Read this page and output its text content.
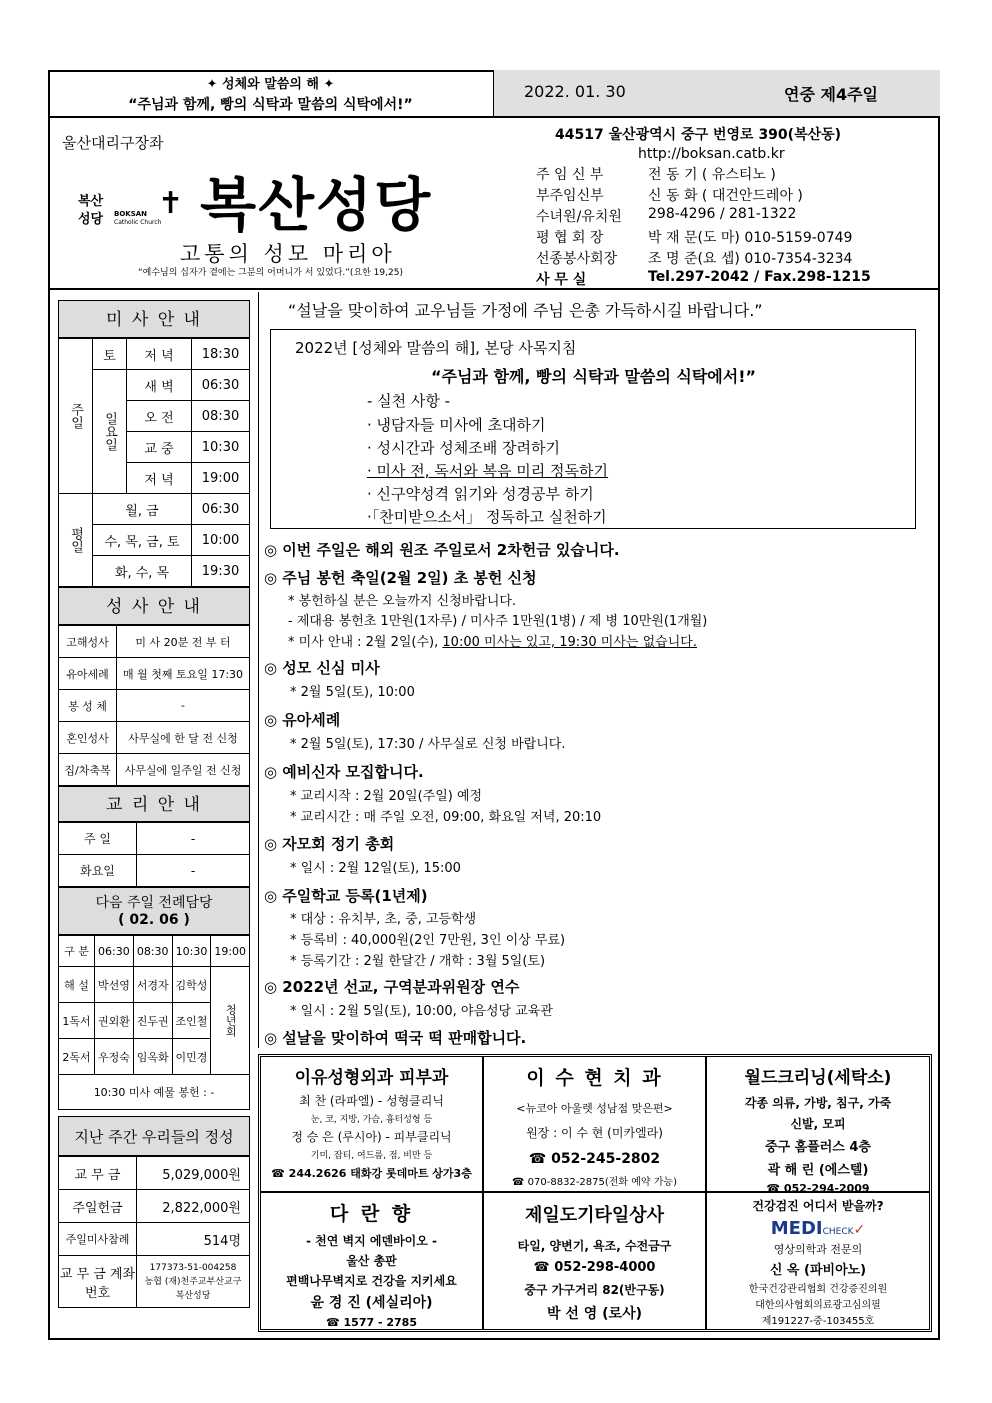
✦ 성체와 말씀의 해 ✦
“주님과 함께, 빵의 식탁과 말씀의 식탁에서!”
2022. 01. 30	연중 제4주일
울산대리구장좌
복산
성당 BOKSAN
Catholic Church
✝ 복산성당
고통의 성모 마리아
“예수님의 십자가 곁에는 그분의 어머니가 서 있었다.”(요한 19,25)
44517 울산광역시 중구 번영로 390(복산동)
http://boksan.catb.kr
주 임 신 부	전 동 기 ( 유스티노 )
부주임신부	신 동 화 ( 대건안드레아 )
수녀원/유치원 298-4296 / 281-1322
평 협 회 장	박 재 문(도 마) 010-5159-0749
선종봉사회장 조 명 준(요 셉) 010-7354-3234
사 무 실	Tel.297-2042 / Fax.298-1215
미 사 안 내
주일	토	저 녁	18:30
	일요일	새 벽	06:30
		오 전	08:30
		교 중	10:30
		저 녁	19:00
평일	월, 금		06:30
	수, 목, 금, 토		10:00
	화, 수, 목		19:30
성 사 안 내
고해성사	미 사 20분 전 부 터
유아세례	매 월 첫째 토요일 17:30
봉 성 체	-
혼인성사	사무실에 한 달 전 신청
집/차축복	사무실에 일주일 전 신청
교 리 안 내
주 일	-
화요일	-
다음 주일 전례담당
( 02. 06 )
구 분	06:30	08:30	10:30	19:00
해 설	박선영	서경자	김학성	청년회
1독서	권외환	진두권	조인철	
2독서	우정숙	임옥화	이민경	
10:30 미사 예물 봉헌 : -				
지난 주간 우리들의 정성
교 무 금	5,029,000원
주일헌금	2,822,000원
주일미사참례	514명
교 무 금 계좌번호	177373-51-004258
농협 (재)천주교부산교구
복산성당
“설날을 맞이하여 교우님들 가정에 주님 은총 가득하시길 바랍니다.”
2022년 [성체와 말씀의 해], 본당 사목지침
“주님과 함께, 빵의 식탁과 말씀의 식탁에서!”
- 실천 사항 -
· 냉담자들 미사에 초대하기
· 성시간과 성체조배 장려하기
· 미사 전, 독서와 복음 미리 정독하기
· 신구약성격 읽기와 성경공부 하기
·「찬미받으소서」 정독하고 실천하기
◎ 이번 주일은 해외 원조 주일로서 2차헌금 있습니다.
◎ 주님 봉헌 축일(2월 2일) 초 봉헌 신청
* 봉헌하실 분은 오늘까지 신청바랍니다.
- 제대용 봉헌초 1만원(1자루) / 미사주 1만원(1병) / 제 병 10만원(1개월)
* 미사 안내 : 2월 2일(수), 10:00 미사는 있고, 19:30 미사는 없습니다.
◎ 성모 신심 미사
* 2월 5일(토), 10:00
◎ 유아세례
* 2월 5일(토), 17:30 / 사무실로 신청 바랍니다.
◎ 예비신자 모집합니다.
* 교리시작 : 2월 20일(주일) 예정
* 교리시간 : 매 주일 오전, 09:00, 화요일 저녁, 20:10
◎ 자모회 정기 총회
* 일시 : 2월 12일(토), 15:00
◎ 주일학교 등록(1년제)
* 대상 : 유치부, 초, 중, 고등학생
* 등록비 : 40,000원(2인 7만원, 3인 이상 무료)
* 등록기간 : 2월 한달간 / 개학 : 3월 5일(토)
◎ 2022년 선교, 구역분과위원장 연수
* 일시 : 2월 5일(토), 10:00, 야음성당 교육관
◎ 설날을 맞이하여 떡국 떡 판매합니다.
이유성형외과 피부과
최 찬 (라파엘) - 성형클리닉
눈, 코, 지방, 가슴, 흉터성형 등
정 승 은 (루시아) - 피부클리닉
기미, 잡티, 여드름, 점, 비만 등
☎ 244.2626 태화강 롯데마트 상가3층
이 수 현 치 과
<뉴코아 아울렛 성남점 맞은편>
원장 : 이 수 현 (미카엘라)
☎ 052-245-2802
☎ 070-8832-2875(전화 예약 가능)
월드크리닝(세탁소)
각종 의류, 가방, 침구, 가죽
신발, 모피
중구 홈플러스 4층
곽 해 린 (에스텔)
☎ 052-294-2009
다 란 향
- 천연 벽지 에덴바이오 -
울산 총판
편백나무벽지로 건강을 지키세요
윤 경 진 (세실리아)
☎ 1577 - 2785
제일도기타일상사
타일, 양변기, 욕조, 수전금구
☎ 052-298-4000
중구 가구거리 82(반구동)
박 선 영 (로사)
건강검진 어디서 받을까?
MEDICHECK✓
영상의학과 전문의
신 옥 (파비아노)
한국건강관리협회 건강증진의원
대한의사협회의료광고심의필
제191227-중-103455호
